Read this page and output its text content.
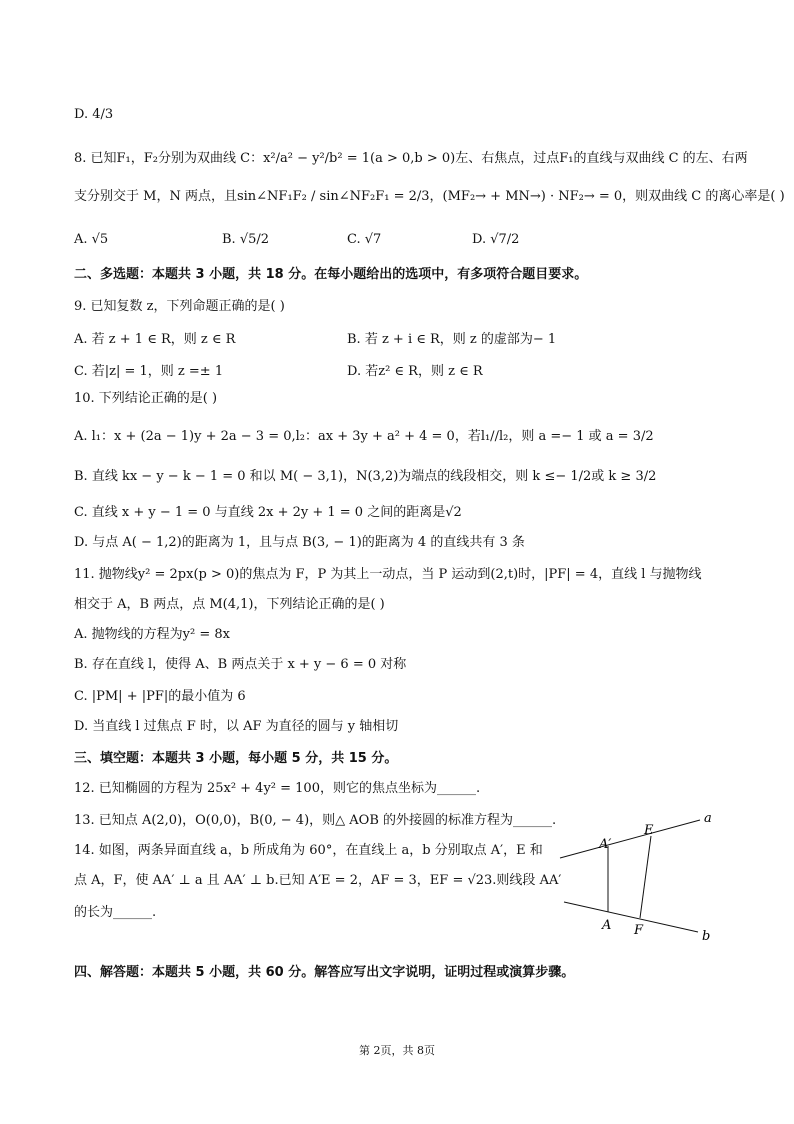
D. 4/3
8. 已知F₁，F₂分别为双曲线 C：x²/a² − y²/b² = 1(a > 0,b > 0)左、右焦点，过点F₁的直线与双曲线 C 的左、右两
支分别交于 M，N 两点，且sin∠NF₁F₂ / sin∠NF₂F₁ = 2/3，(MF₂→ + MN→) · NF₂→ = 0，则双曲线 C 的离心率是( )
A. √5	B. √5/2	C. √7	D. √7/2
二、多选题：本题共 3 小题，共 18 分。在每小题给出的选项中，有多项符合题目要求。
9. 已知复数 z，下列命题正确的是( )
A. 若 z + 1 ∈ R，则 z ∈ R	B. 若 z + i ∈ R，则 z 的虚部为− 1
C. 若|z| = 1，则 z =± 1	D. 若z² ∈ R，则 z ∈ R
10. 下列结论正确的是( )
A. l₁：x + (2a − 1)y + 2a − 3 = 0,l₂：ax + 3y + a² + 4 = 0，若l₁//l₂，则 a =− 1 或 a = 3/2
B. 直线 kx − y − k − 1 = 0 和以 M( − 3,1)，N(3,2)为端点的线段相交，则 k ≤− 1/2或 k ≥ 3/2
C. 直线 x + y − 1 = 0 与直线 2x + 2y + 1 = 0 之间的距离是√2
D. 与点 A( − 1,2)的距离为 1，且与点 B(3, − 1)的距离为 4 的直线共有 3 条
11. 抛物线y² = 2px(p > 0)的焦点为 F，P 为其上一动点，当 P 运动到(2,t)时，|PF| = 4，直线 l 与抛物线
相交于 A，B 两点，点 M(4,1)，下列结论正确的是( )
A. 抛物线的方程为y² = 8x
B. 存在直线 l，使得 A、B 两点关于 x + y − 6 = 0 对称
C. |PM| + |PF|的最小值为 6
D. 当直线 l 过焦点 F 时，以 AF 为直径的圆与 y 轴相切
三、填空题：本题共 3 小题，每小题 5 分，共 15 分。
12. 已知椭圆的方程为 25x² + 4y² = 100，则它的焦点坐标为______.
13. 已知点 A(2,0)，O(0,0)，B(0, − 4)，则△ AOB 的外接圆的标准方程为______.
14. 如图，两条异面直线 a，b 所成角为 60°，在直线上 a，b 分别取点 A′，E 和
点 A，F，使 AA′ ⊥ a 且 AA′ ⊥ b.已知 A′E = 2，AF = 3，EF = √23.则线段 AA′
的长为______.
A′
E
a
A F	b
四、解答题：本题共 5 小题，共 60 分。解答应写出文字说明，证明过程或演算步骤。
第 2页，共 8页
